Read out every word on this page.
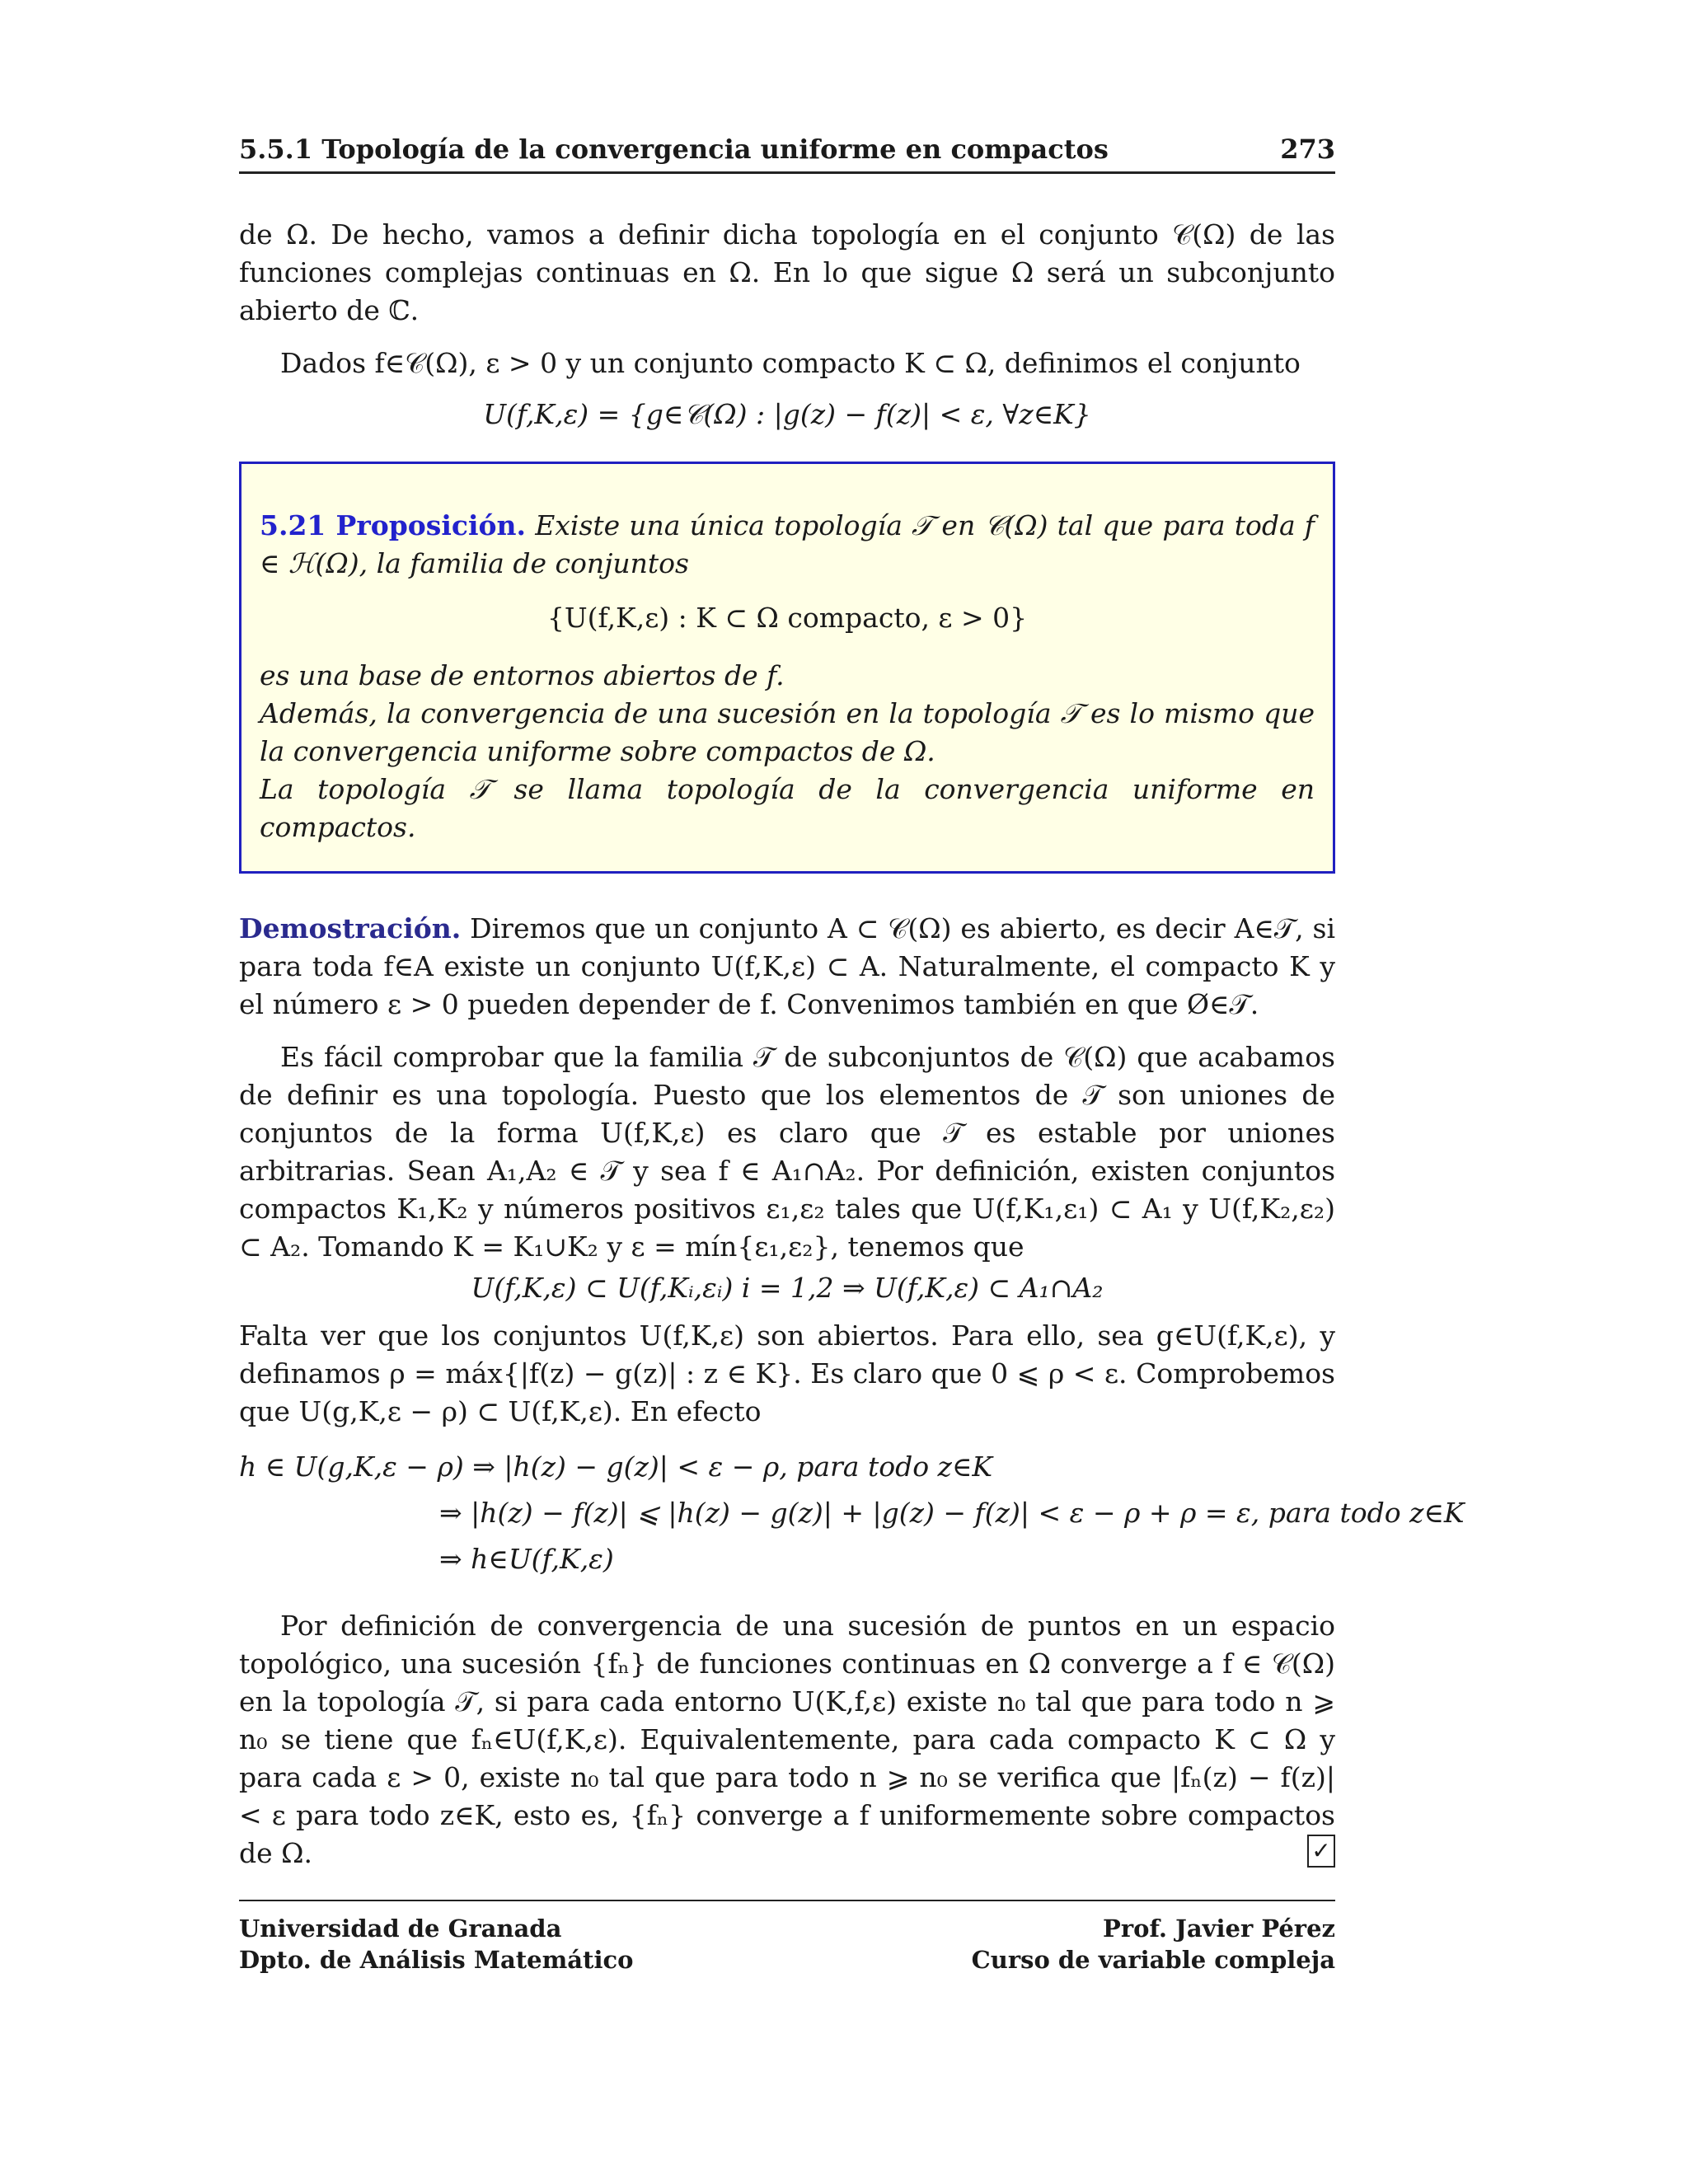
5.5.1 Topología de la convergencia uniforme en compactos	273

de Ω. De hecho, vamos a definir dicha topología en el conjunto 𝒞(Ω) de las funciones complejas continuas en Ω. En lo que sigue Ω será un subconjunto abierto de ℂ.

Dados f∈𝒞(Ω), ε > 0 y un conjunto compacto K ⊂ Ω, definimos el conjunto

U(f,K,ε) = {g∈𝒞(Ω) : |g(z) − f(z)| < ε, ∀z∈K}

5.21 Proposición. Existe una única topología 𝒯 en 𝒞(Ω) tal que para toda f ∈ ℋ(Ω), la familia de conjuntos

{U(f,K,ε) : K ⊂ Ω compacto, ε > 0}

es una base de entornos abiertos de f.

Además, la convergencia de una sucesión en la topología 𝒯 es lo mismo que la convergencia uniforme sobre compactos de Ω.

La topología 𝒯 se llama topología de la convergencia uniforme en compactos.

Demostración. Diremos que un conjunto A ⊂ 𝒞(Ω) es abierto, es decir A∈𝒯, si para toda f∈A existe un conjunto U(f,K,ε) ⊂ A. Naturalmente, el compacto K y el número ε > 0 pueden depender de f. Convenimos también en que Ø∈𝒯.

Es fácil comprobar que la familia 𝒯 de subconjuntos de 𝒞(Ω) que acabamos de definir es una topología. Puesto que los elementos de 𝒯 son uniones de conjuntos de la forma U(f,K,ε) es claro que 𝒯 es estable por uniones arbitrarias. Sean A₁,A₂ ∈ 𝒯 y sea f ∈ A₁∩A₂. Por definición, existen conjuntos compactos K₁,K₂ y números positivos ε₁,ε₂ tales que U(f,K₁,ε₁) ⊂ A₁ y U(f,K₂,ε₂) ⊂ A₂. Tomando K = K₁∪K₂ y ε = mín{ε₁,ε₂}, tenemos que

U(f,K,ε) ⊂ U(f,Kᵢ,εᵢ) i = 1,2 ⇒ U(f,K,ε) ⊂ A₁∩A₂

Falta ver que los conjuntos U(f,K,ε) son abiertos. Para ello, sea g∈U(f,K,ε), y definamos ρ = máx{|f(z) − g(z)| : z ∈ K}. Es claro que 0 ⩽ ρ < ε. Comprobemos que U(g,K,ε − ρ) ⊂ U(f,K,ε). En efecto

h ∈ U(g,K,ε − ρ) ⇒ |h(z) − g(z)| < ε − ρ, para todo z∈K
⇒ |h(z) − f(z)| ⩽ |h(z) − g(z)| + |g(z) − f(z)| < ε − ρ + ρ = ε, para todo z∈K
⇒ h∈U(f,K,ε)

Por definición de convergencia de una sucesión de puntos en un espacio topológico, una sucesión {fₙ} de funciones continuas en Ω converge a f ∈ 𝒞(Ω) en la topología 𝒯, si para cada entorno U(K,f,ε) existe n₀ tal que para todo n ⩾ n₀ se tiene que fₙ∈U(f,K,ε). Equivalentemente, para cada compacto K ⊂ Ω y para cada ε > 0, existe n₀ tal que para todo n ⩾ n₀ se verifica que |fₙ(z) − f(z)| < ε para todo z∈K, esto es, {fₙ} converge a f uniformemente sobre compactos de Ω.	✓
Universidad de Granada
Dpto. de Análisis Matemático
Prof. Javier Pérez
Curso de variable compleja
